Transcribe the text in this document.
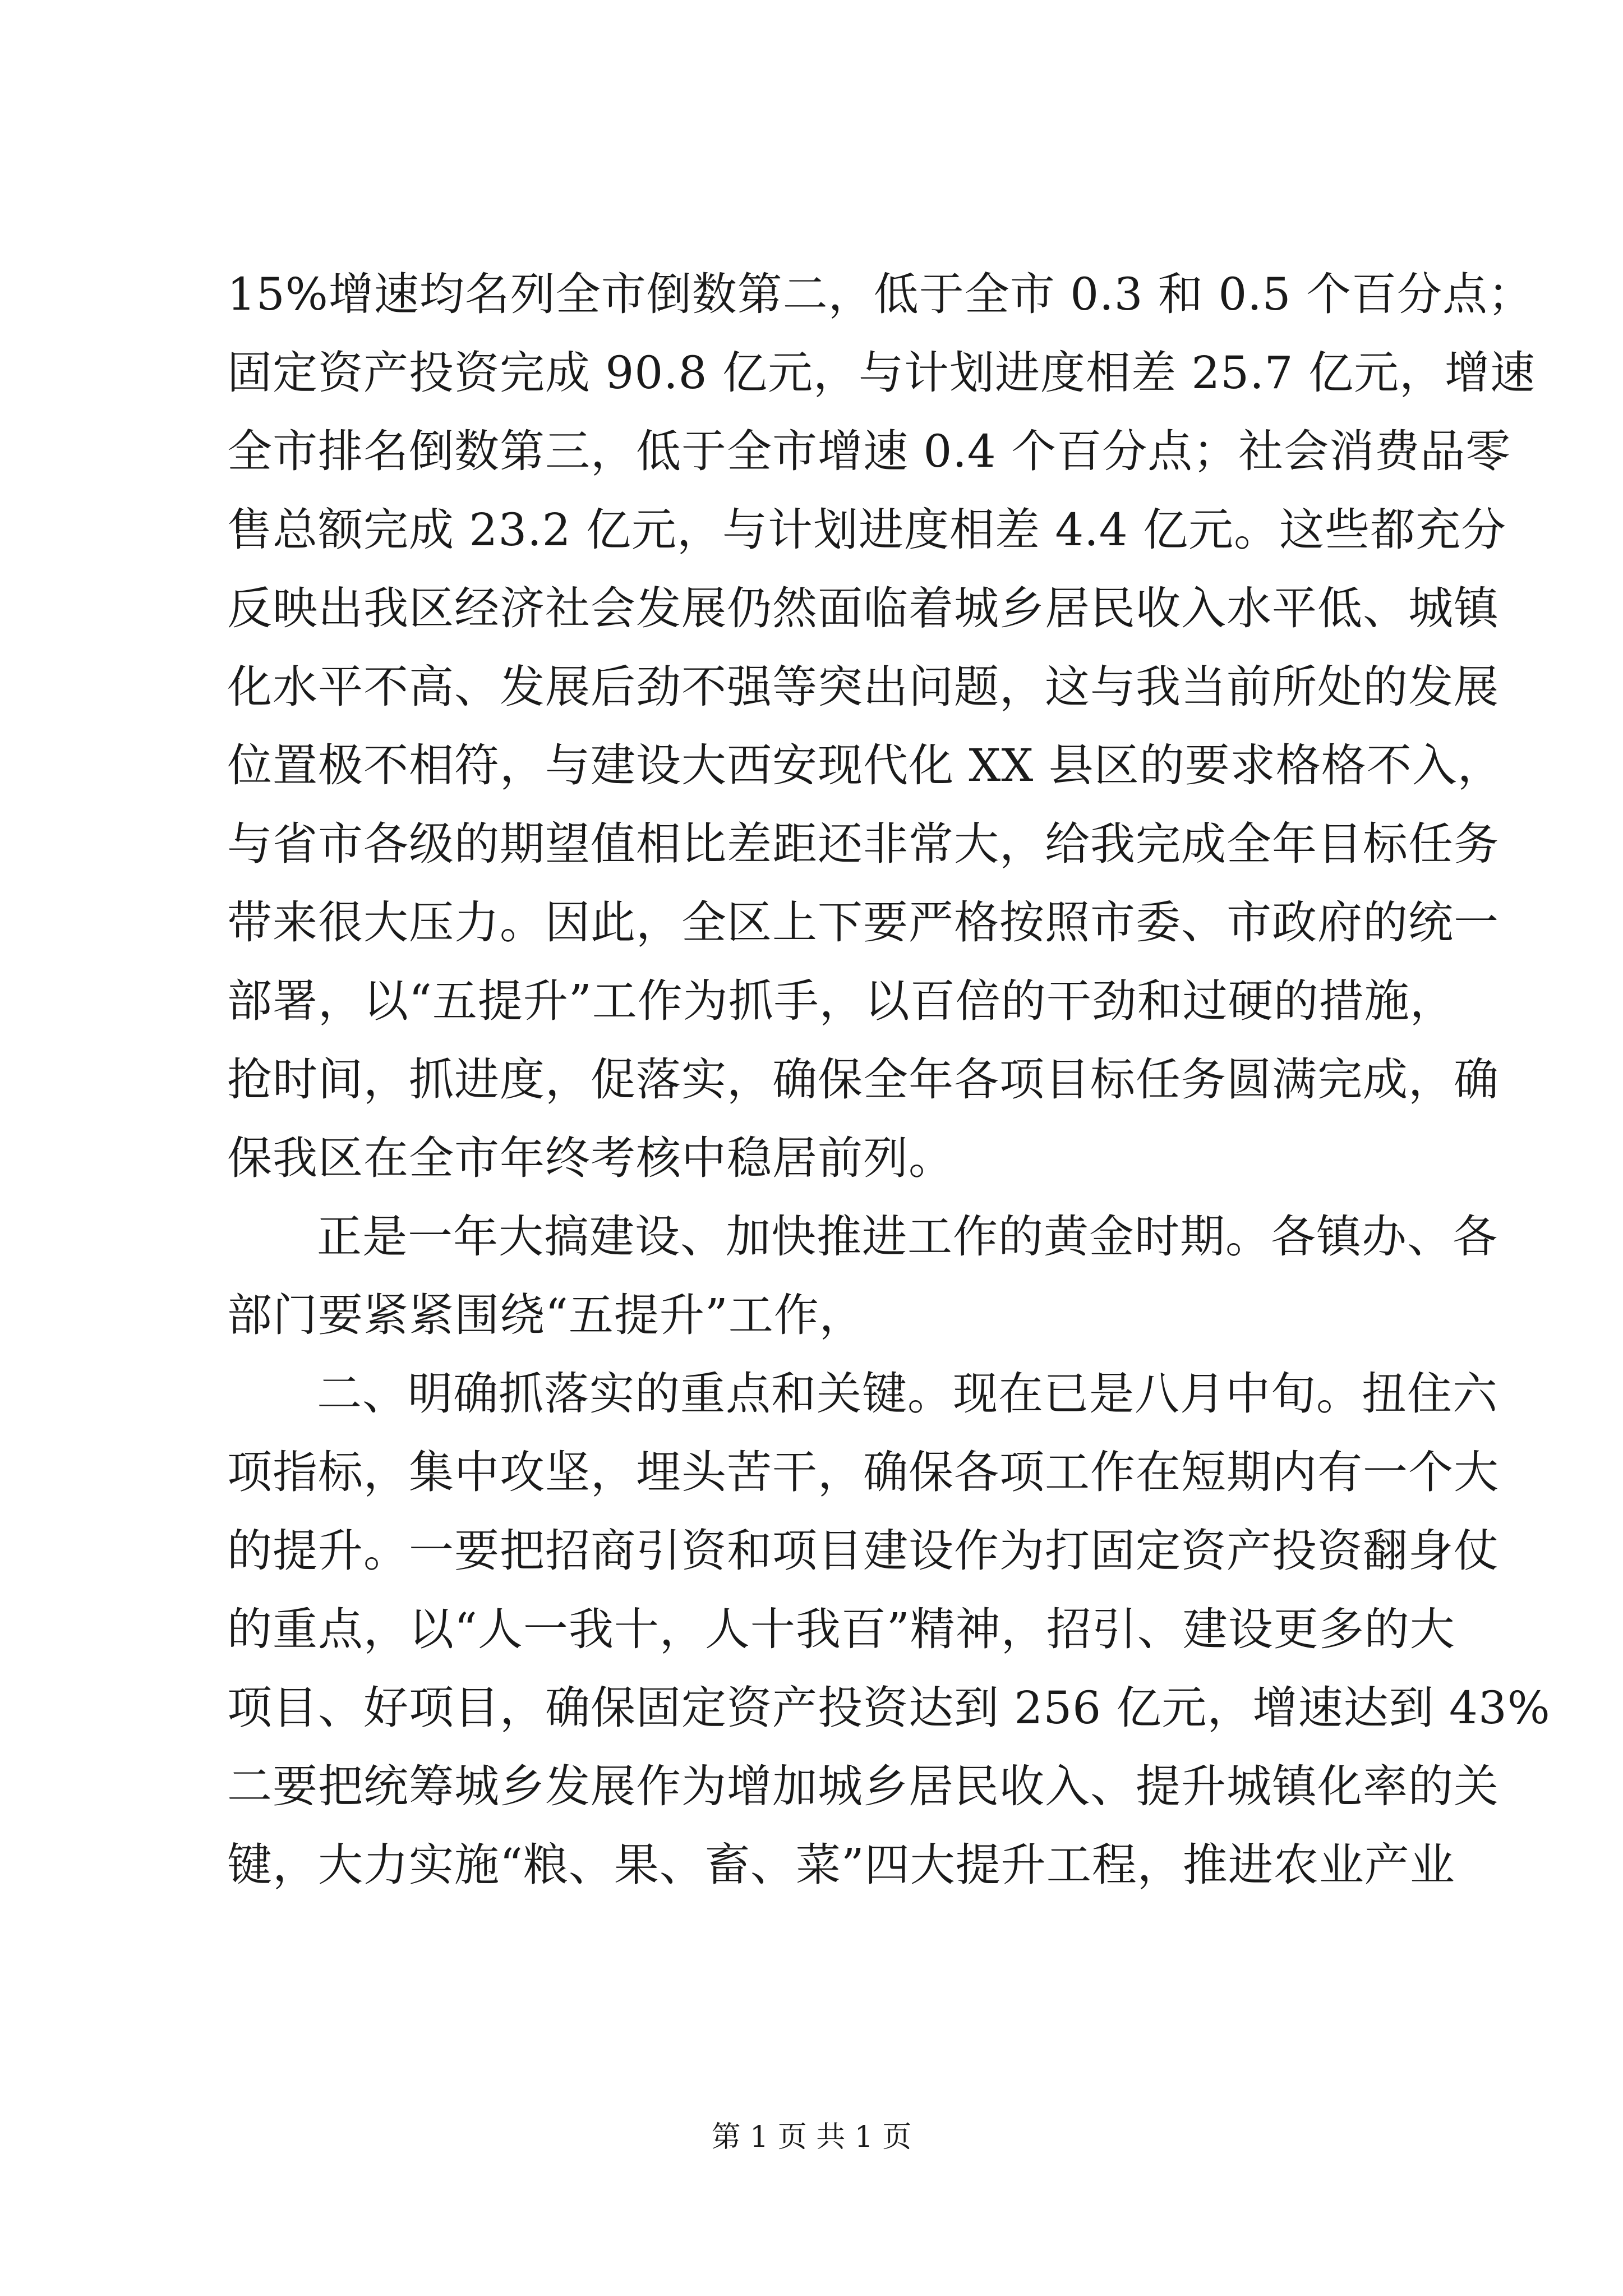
15%增速均名列全市倒数第二，低于全市 0.3 和 0.5 个百分点；
固定资产投资完成 90.8 亿元，与计划进度相差 25.7 亿元，增速
全市排名倒数第三，低于全市增速 0.4 个百分点；社会消费品零
售总额完成 23.2 亿元，与计划进度相差 4.4 亿元。这些都充分
反映出我区经济社会发展仍然面临着城乡居民收入水平低、城镇
化水平不高、发展后劲不强等突出问题，这与我当前所处的发展
位置极不相符，与建设大西安现代化 XX 县区的要求格格不入，
与省市各级的期望值相比差距还非常大，给我完成全年目标任务
带来很大压力。因此，全区上下要严格按照市委、市政府的统一
部署，以“五提升”工作为抓手，以百倍的干劲和过硬的措施，
抢时间，抓进度，促落实，确保全年各项目标任务圆满完成，确
保我区在全市年终考核中稳居前列。
正是一年大搞建设、加快推进工作的黄金时期。各镇办、各
部门要紧紧围绕“五提升”工作，
二、明确抓落实的重点和关键。现在已是八月中旬。扭住六
项指标，集中攻坚，埋头苦干，确保各项工作在短期内有一个大
的提升。一要把招商引资和项目建设作为打固定资产投资翻身仗
的重点，以“人一我十，人十我百”精神，招引、建设更多的大
项目、好项目，确保固定资产投资达到 256 亿元，增速达到 43%
二要把统筹城乡发展作为增加城乡居民收入、提升城镇化率的关
键，大力实施“粮、果、畜、菜”四大提升工程，推进农业产业
第 1 页 共 1 页
